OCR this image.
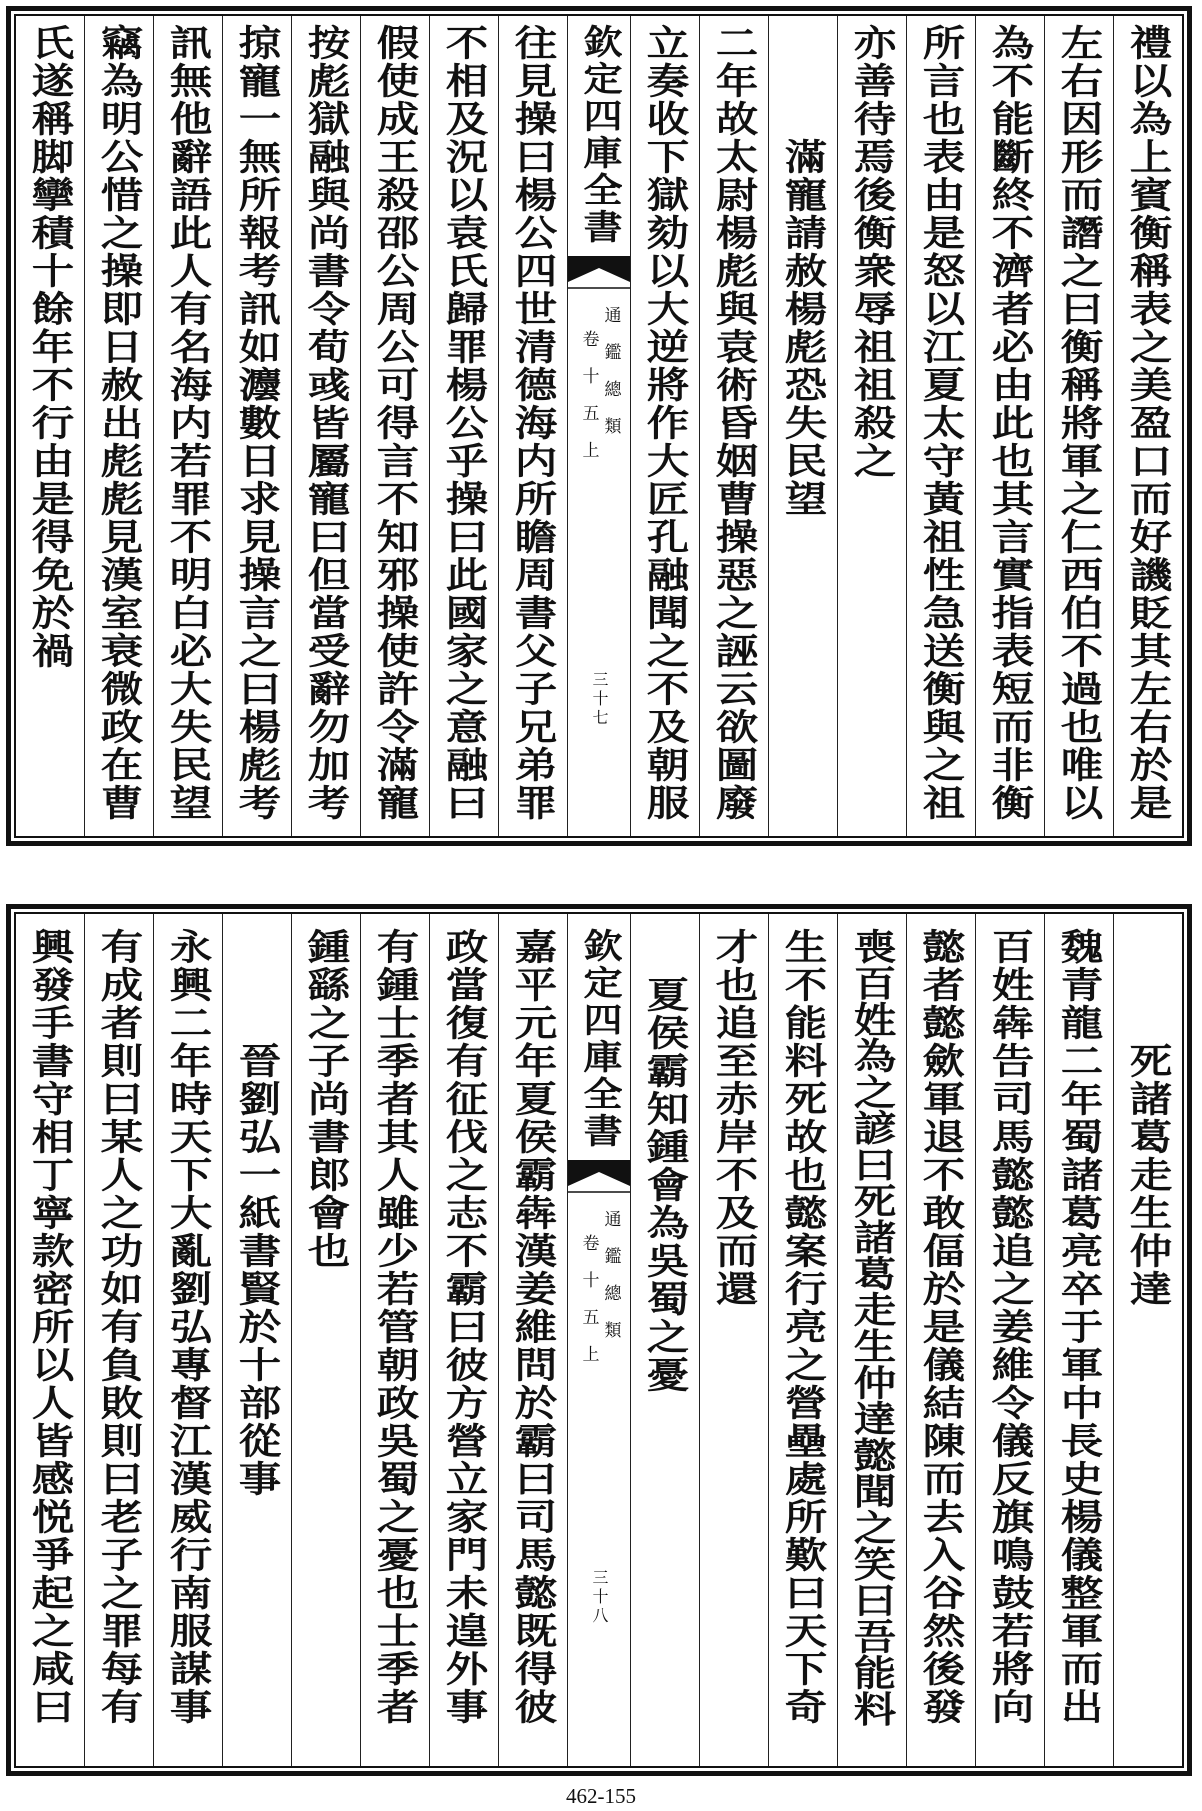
禮以為上賓衡稱表之美盈口而好譏貶其左右於是
左右因形而譖之曰衡稱將軍之仁西伯不過也唯以
為不能斷終不濟者必由此也其言實指表短而非衡
所言也表由是怒以江夏太守黃祖性急送衡與之祖
亦善待焉後衡衆辱祖祖殺之
滿寵請赦楊彪恐失民望
二年故太尉楊彪與袁術昏姻曹操惡之誣云欲圖廢
立奏收下獄劾以大逆將作大匠孔融聞之不及朝服
欽定四庫全書
通鑑總類
卷十五上
三十七
往見操曰楊公四世清德海内所瞻周書父子兄弟罪
不相及況以袁氏歸罪楊公乎操曰此國家之意融曰
假使成王殺邵公周公可得言不知邪操使許令滿寵
按彪獄融與尚書令荀彧皆屬寵曰但當受辭勿加考
掠寵一無所報考訊如灋數日求見操言之曰楊彪考
訊無他辭語此人有名海内若罪不明白必大失民望
竊為明公惜之操即日赦出彪彪見漢室衰微政在曹
氏遂稱脚攣積十餘年不行由是得免於禍
死諸葛走生仲達
魏青龍二年蜀諸葛亮卒于軍中長史楊儀整軍而出
百姓犇告司馬懿懿追之姜維令儀反旗鳴鼓若將向
懿者懿歛軍退不敢偪於是儀結陳而去入谷然後發
喪百姓為之諺曰死諸葛走生仲達懿聞之笑曰吾能料
生不能料死故也懿案行亮之營壘處所歎曰天下奇
才也追至赤岸不及而還
夏侯霸知鍾會為吳蜀之憂
欽定四庫全書
通鑑總類
卷十五上
三十八
嘉平元年夏侯霸犇漢姜維問於霸曰司馬懿既得彼
政當復有征伐之志不霸曰彼方營立家門未遑外事
有鍾士季者其人雖少若管朝政吳蜀之憂也士季者
鍾繇之子尚書郎會也
晉劉弘一紙書賢於十部從事
永興二年時天下大亂劉弘專督江漢威行南服謀事
有成者則曰某人之功如有負敗則曰老子之罪每有
興發手書守相丁寧款密所以人皆感悦爭起之咸曰
462-155
